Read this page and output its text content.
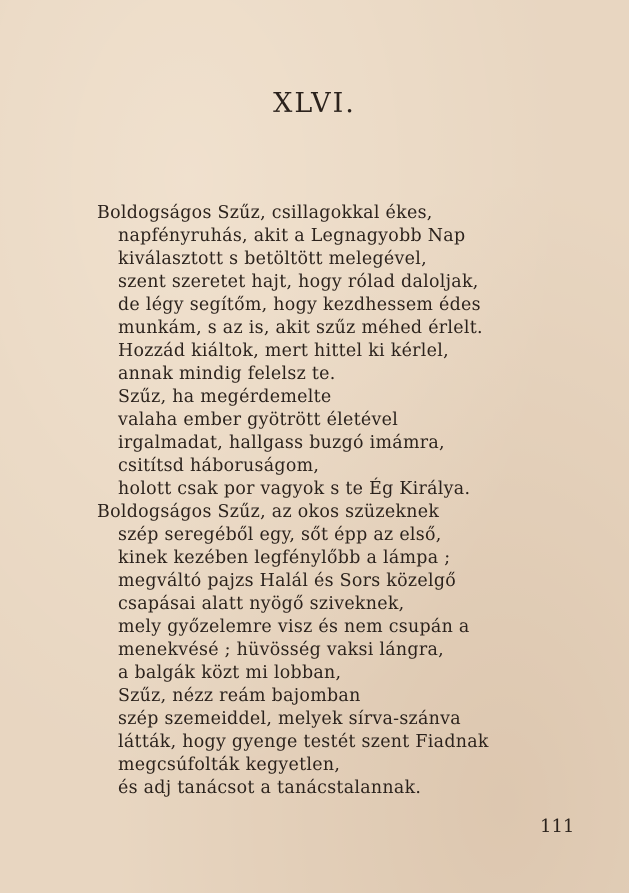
XLVI.
Boldogságos Szűz, csillagokkal ékes,
napfényruhás, akit a Legnagyobb Nap
kiválasztott s betöltött melegével,
szent szeretet hajt, hogy rólad daloljak,
de légy segítőm, hogy kezdhessem édes
munkám, s az is, akit szűz méhed érlelt.
Hozzád kiáltok, mert hittel ki kérlel,
annak mindig felelsz te.
Szűz, ha megérdemelte
valaha ember gyötrött életével
irgalmadat, hallgass buzgó imámra,
csitítsd háboruságom,
holott csak por vagyok s te Ég Királya.
Boldogságos Szűz, az okos szüzeknek
szép seregéből egy, sőt épp az első,
kinek kezében legfénylőbb a lámpa ;
megváltó pajzs Halál és Sors közelgő
csapásai alatt nyögő sziveknek,
mely győzelemre visz és nem csupán a
menekvésé ; hüvösség vaksi lángra,
a balgák közt mi lobban,
Szűz, nézz reám bajomban
szép szemeiddel, melyek sírva-szánva
látták, hogy gyenge testét szent Fiadnak
megcsúfolták kegyetlen,
és adj tanácsot a tanácstalannak.

111
